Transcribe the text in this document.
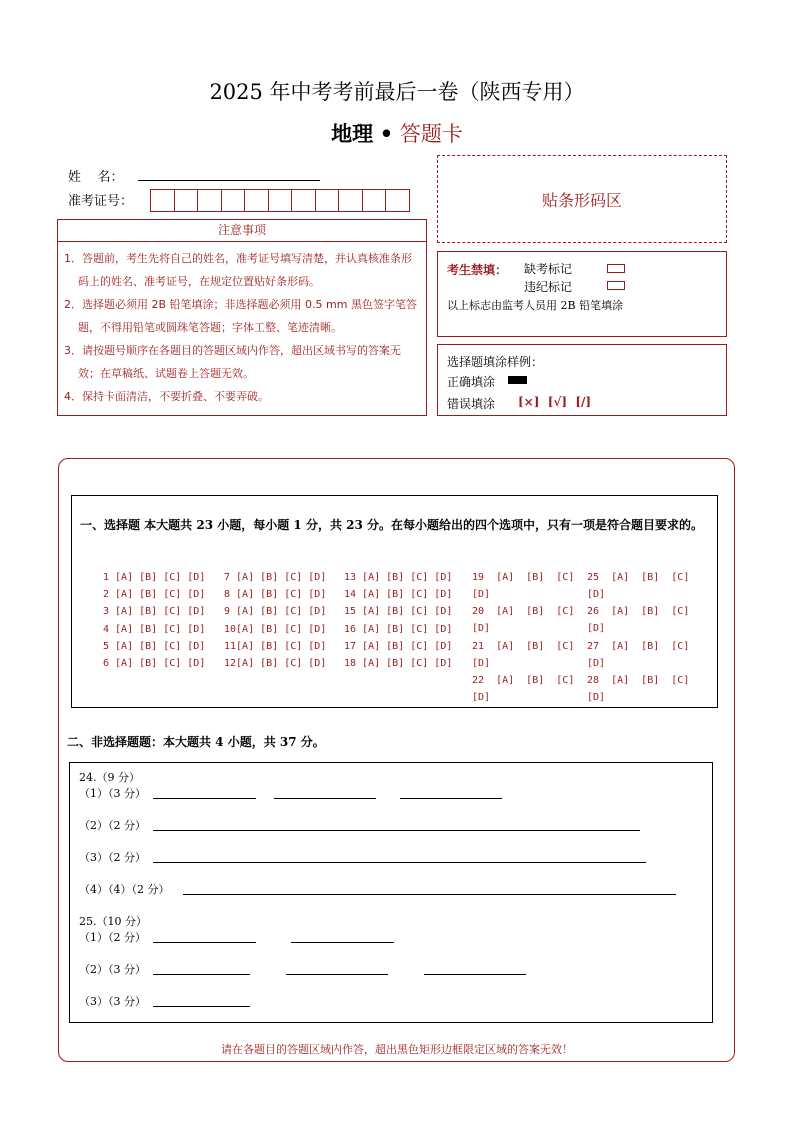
2025 年中考考前最后一卷（陕西专用）
地理 • 答题卡
姓    名：
准考证号：	贴条形码区
注意事项

1．答题前，考生先将自己的姓名，准考证号填写清楚，并认真核准条形码上的姓名、准考证号，在规定位置贴好条形码。

2．选择题必须用 2B 铅笔填涂；非选择题必须用 0.5 mm 黑色签字笔答题，不得用铅笔或圆珠笔答题；字体工整、笔迹清晰。

3．请按题号顺序在各题目的答题区域内作答，超出区域书写的答案无效；在草稿纸、试题卷上答题无效。

4．保持卡面清洁，不要折叠、不要弄破。

考生禁填： 缺考标记
违纪标记
以上标志由监考人员用 2B 铅笔填涂
选择题填涂样例：
正确填涂
错误填涂 [×]  [√]  [/]
一、选择题 本大题共 23 小题，每小题 1 分，共 23 分。在每小题给出的四个选项中，只有一项是符合题目要求的。
1 [A] [B] [C] [D]
2 [A] [B] [C] [D]
3 [A] [B] [C] [D]
4 [A] [B] [C] [D]
5 [A] [B] [C] [D]
6 [A] [B] [C] [D]
7 [A] [B] [C] [D]
8 [A] [B] [C] [D]
9 [A] [B] [C] [D]
10[A] [B] [C] [D]
11[A] [B] [C] [D]
12[A] [B] [C] [D]
13 [A] [B] [C] [D]
14 [A] [B] [C] [D]
15 [A] [B] [C] [D]
16 [A] [B] [C] [D]
17 [A] [B] [C] [D]
18 [A] [B] [C] [D]
19  [A]  [B]  [C]
[D]
20  [A]  [B]  [C]
[D]
21  [A]  [B]  [C]
[D]
22  [A]  [B]  [C]
[D]
25  [A]  [B]  [C]
[D]
26  [A]  [B]  [C]
[D]
27  [A]  [B]  [C]
[D]
28  [A]  [B]  [C]
[D]
二、非选择题题：本大题共 4 小题，共 37 分。
24.（9 分）
（1）（3 分）
（2）（2 分）
（3）（2 分）
（4）（4）（2 分）
25.（10 分）
（1）（2 分）
（2）（3 分）
（3）（3 分）
请在各题目的答题区域内作答，超出黑色矩形边框限定区域的答案无效！
